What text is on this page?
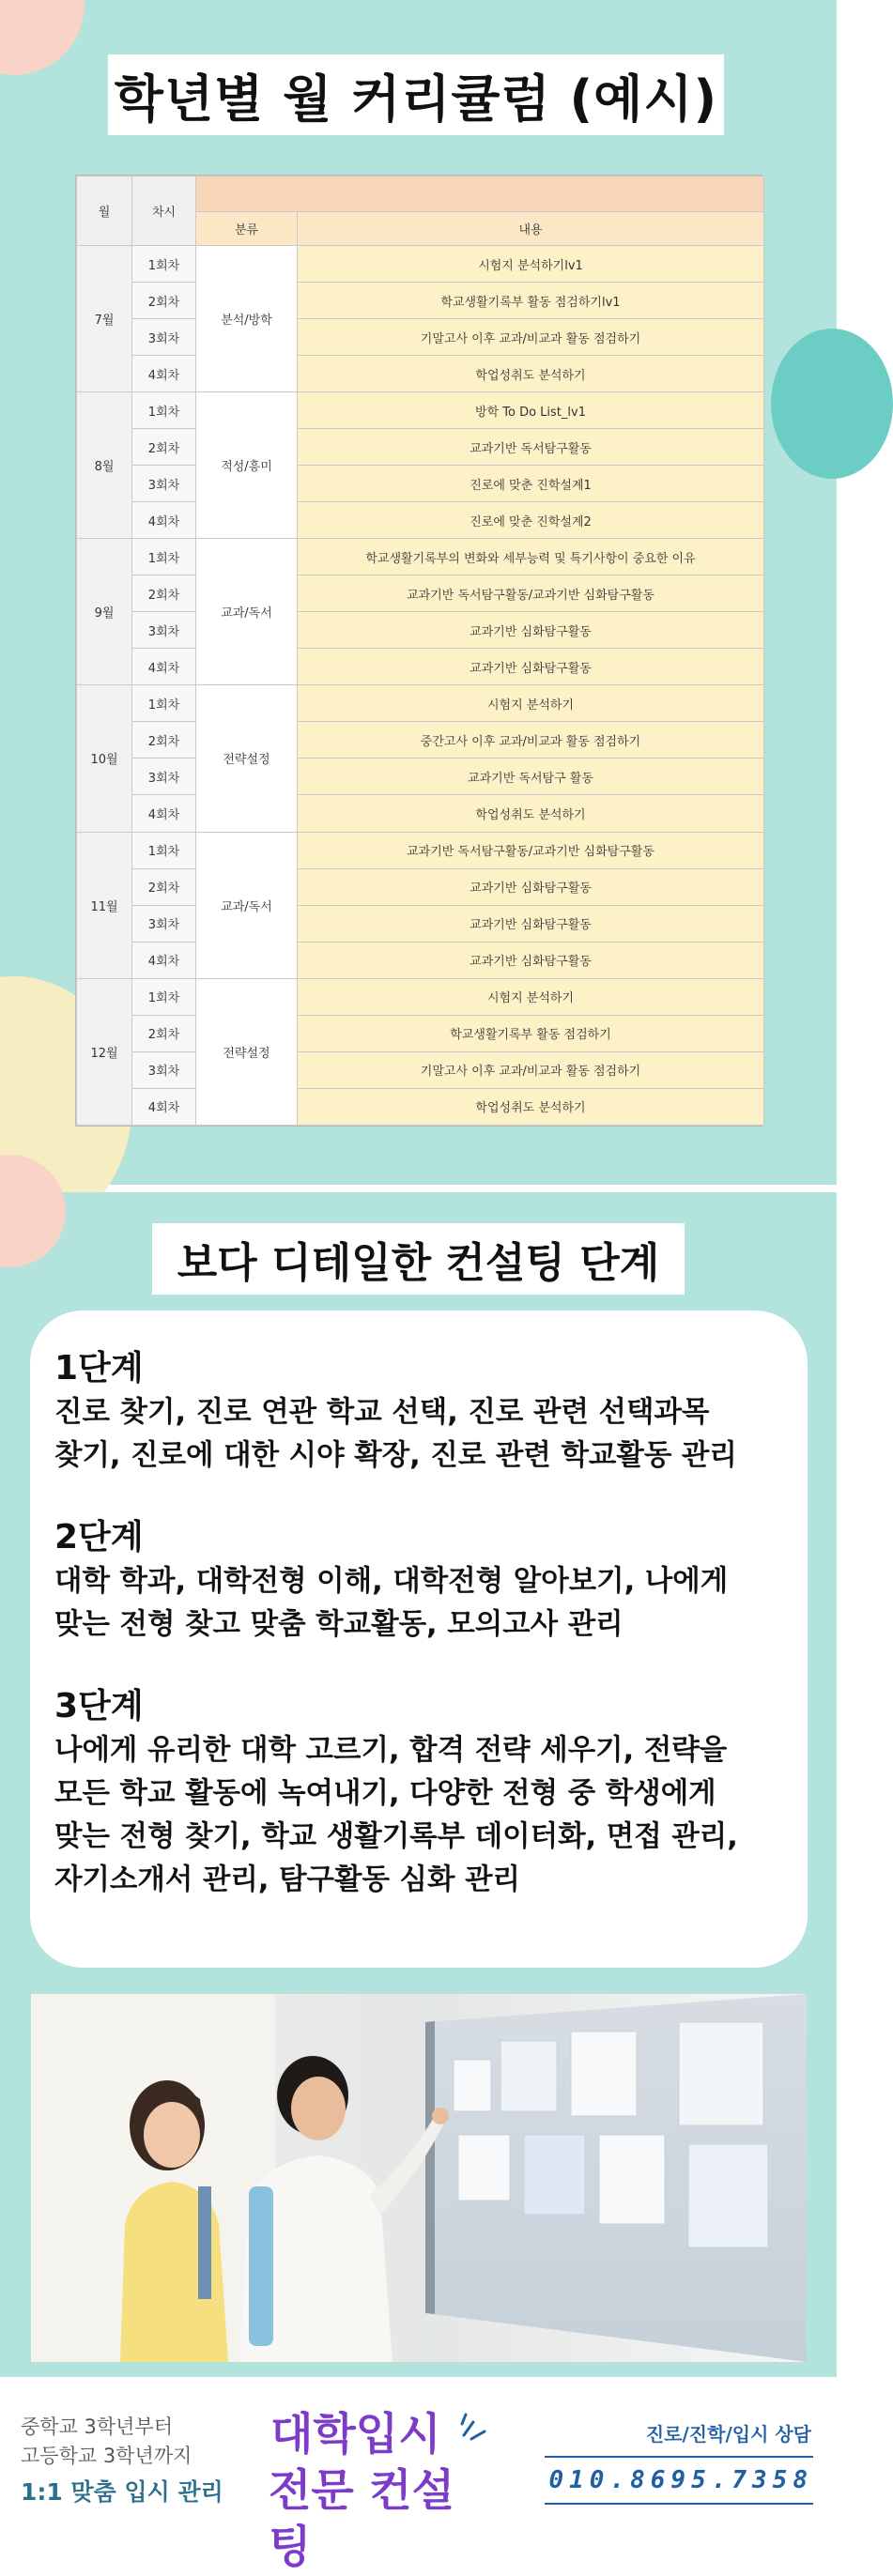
학년별 월 커리큘럼 (예시)
월	차시		
		분류	내용
7월	1회차	분석/방학	시험지 분석하기lv1
	2회차		학교생활기록부 활동 점검하기lv1
	3회차		기말고사 이후 교과/비교과 활동 점검하기
	4회차		학업성취도 분석하기
8월	1회차	적성/흥미	방학 To Do List_lv1
	2회차		교과기반 독서탐구활동
	3회차		진로에 맞춘 진학설계1
	4회차		진로에 맞춘 진학설계2
9월	1회차	교과/독서	학교생활기록부의 변화와 세부능력 및 특기사항이 중요한 이유
	2회차		교과기반 독서탐구활동/교과기반 심화탐구활동
	3회차		교과기반 심화탐구활동
	4회차		교과기반 심화탐구활동
10월	1회차	전략설정	시험지 분석하기
	2회차		중간고사 이후 교과/비교과 활동 점검하기
	3회차		교과기반 독서탐구 활동
	4회차		학업성취도 분석하기
11월	1회차	교과/독서	교과기반 독서탐구활동/교과기반 심화탐구활동
	2회차		교과기반 심화탐구활동
	3회차		교과기반 심화탐구활동
	4회차		교과기반 심화탐구활동
12월	1회차	전략설정	시험지 분석하기
	2회차		학교생활기록부 활동 점검하기
	3회차		기말고사 이후 교과/비교과 활동 점검하기
	4회차		학업성취도 분석하기
보다 디테일한 컨설팅 단계
1단계
진로 찾기, 진로 연관 학교 선택, 진로 관련 선택과목
찾기, 진로에 대한 시야 확장, 진로 관련 학교활동 관리
2단계
대학 학과, 대학전형 이해, 대학전형 알아보기, 나에게
맞는 전형 찾고 맞춤 학교활동, 모의고사 관리
3단계
나에게 유리한 대학 고르기, 합격 전략 세우기, 전략을
모든 학교 활동에 녹여내기, 다양한 전형 중 학생에게
맞는 전형 찾기, 학교 생활기록부 데이터화, 면접 관리,
자기소개서 관리, 탐구활동 심화 관리
중학교 3학년부터
고등학교 3학년까지
1:1 맞춤 입시 관리
대학입시
전문 컨설팅
진로/진학/입시 상담
010.8695.7358
